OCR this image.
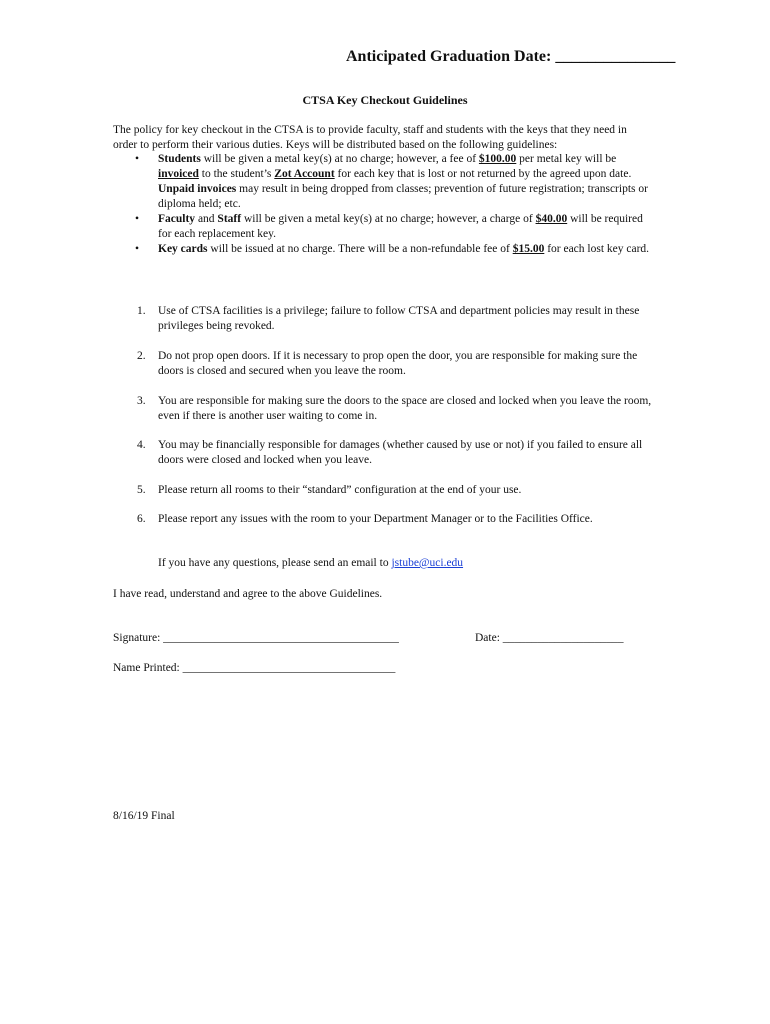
Anticipated Graduation Date: _______________
CTSA Key Checkout Guidelines
The policy for key checkout in the CTSA is to provide faculty, staff and students with the keys that they need in order to perform their various duties. Keys will be distributed based on the following guidelines:
• Students will be given a metal key(s) at no charge; however, a fee of $100.00 per metal key will be invoiced to the student’s Zot Account for each key that is lost or not returned by the agreed upon date. Unpaid invoices may result in being dropped from classes; prevention of future registration; transcripts or diploma held; etc.
• Faculty and Staff will be given a metal key(s) at no charge; however, a charge of $40.00 will be required for each replacement key.
• Key cards will be issued at no charge. There will be a non-refundable fee of $15.00 for each lost key card.
1.	Use of CTSA facilities is a privilege; failure to follow CTSA and department policies may result in these privileges being revoked.
2.	Do not prop open doors. If it is necessary to prop open the door, you are responsible for making sure the doors is closed and secured when you leave the room.
3.	You are responsible for making sure the doors to the space are closed and locked when you leave the room, even if there is another user waiting to come in.
4.	You may be financially responsible for damages (whether caused by use or not) if you failed to ensure all doors were closed and locked when you leave.
5.	Please return all rooms to their “standard” configuration at the end of your use.
6.	Please report any issues with the room to your Department Manager or to the Facilities Office.
If you have any questions, please send an email to jstube@uci.edu
I have read, understand and agree to the above Guidelines.
Signature: _________________________________________	Date: _____________________
Name Printed: _____________________________________
8/16/19 Final
